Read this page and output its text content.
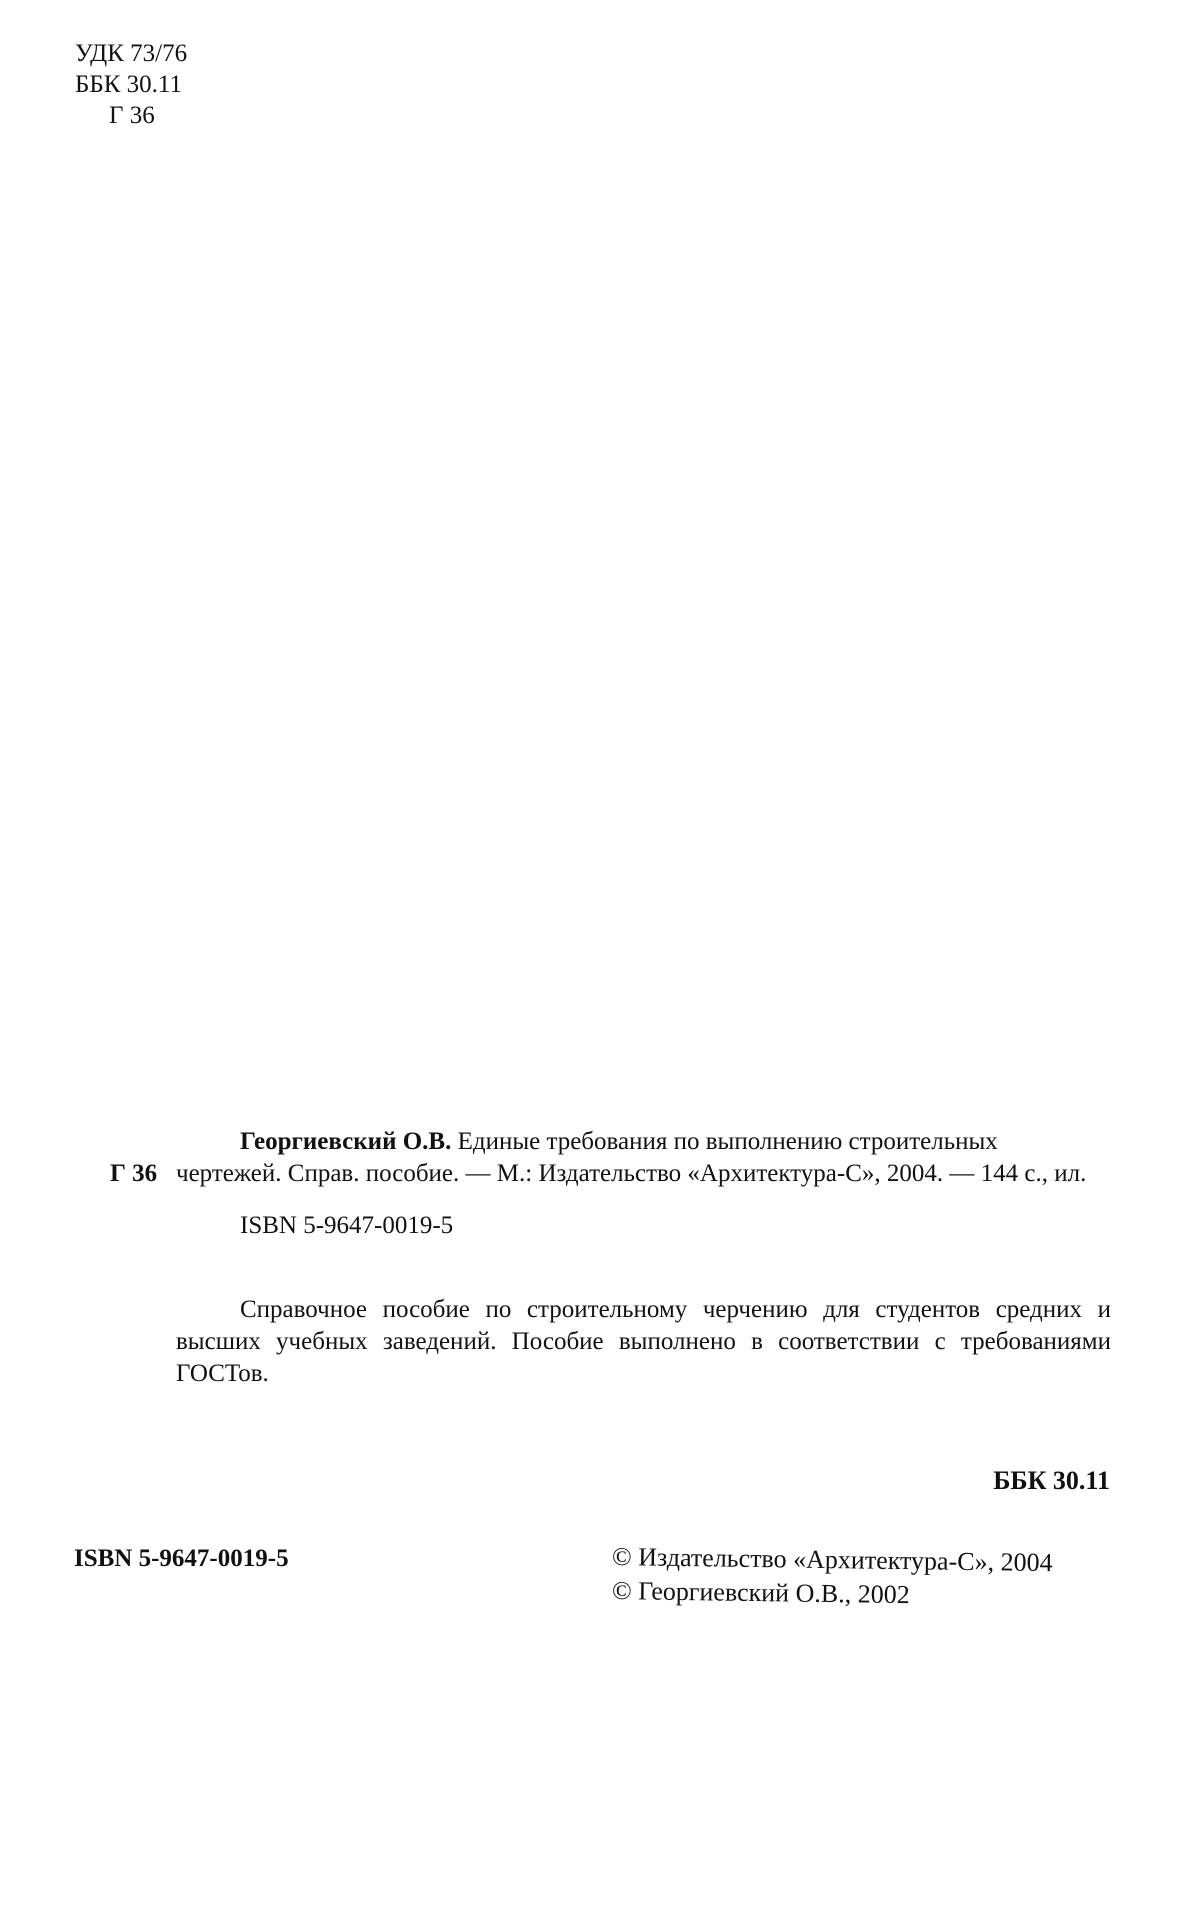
УДК 73/76
ББК 30.11
Г 36
Г 36
Георгиевский О.В. Единые требования по выполнению строительных
чертежей. Справ. пособие. — М.: Издательство «Архитектура-С», 2004. — 144 с., ил.
ISBN 5-9647-0019-5
Справочное пособие по строительному черчению для студентов средних и высших учебных заведений. Пособие выполнено в соответствии с требованиями ГОСТов.
ББК 30.11
ISBN 5-9647-0019-5	© Издательство «Архитектура-С», 2004
© Георгиевский О.В., 2002
